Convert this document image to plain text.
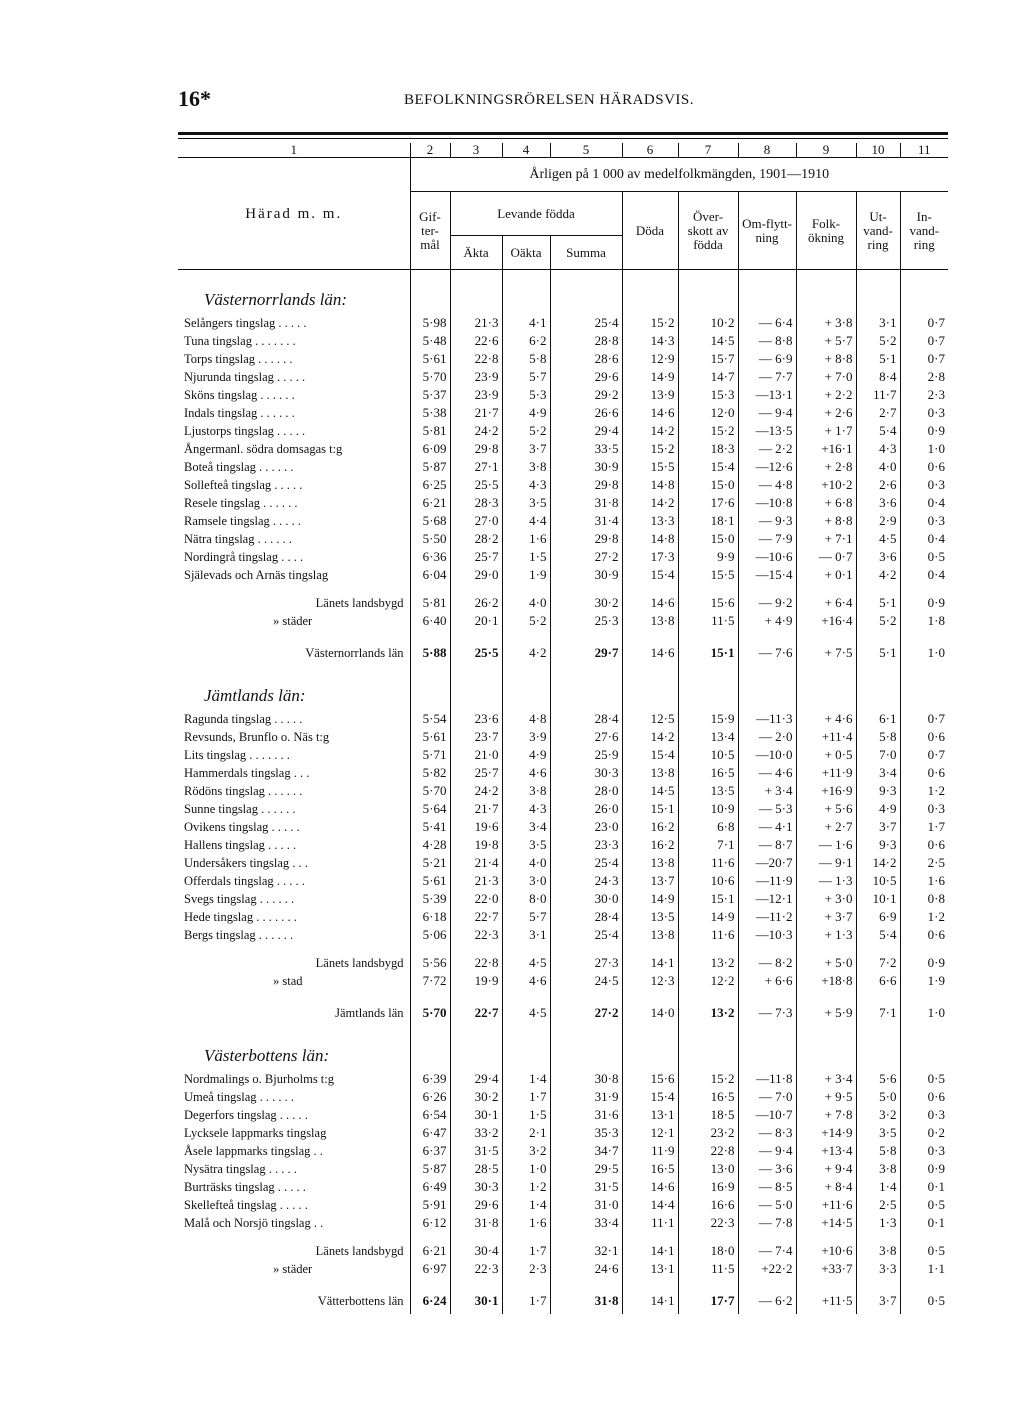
16*	BEFOLKNINGSRÖRELSEN HÄRADSVIS.
1	2	3	4	5	6	7	8	9	10	11
Härad m. m.	Årligen på 1 000 av medelfolkmängden, 1901—1910									
	Gif-ter-mål	Levande födda			Döda	Över-skott av födda	Om-flytt-ning	Folk-ökning	Ut-vand-ring	In-vand-ring
		Äkta	Oäkta	Summa						
Västernorrlands län:										
Selångers tingslag . . . . .	5·98	21·3	4·1	25·4	15·2	10·2	— 6·4	+ 3·8	3·1	0·7
Tuna tingslag . . . . . . .	5·48	22·6	6·2	28·8	14·3	14·5	— 8·8	+ 5·7	5·2	0·7
Torps tingslag . . . . . .	5·61	22·8	5·8	28·6	12·9	15·7	— 6·9	+ 8·8	5·1	0·7
Njurunda tingslag . . . . .	5·70	23·9	5·7	29·6	14·9	14·7	— 7·7	+ 7·0	8·4	2·8
Sköns tingslag . . . . . .	5·37	23·9	5·3	29·2	13·9	15·3	—13·1	+ 2·2	11·7	2·3
Indals tingslag . . . . . .	5·38	21·7	4·9	26·6	14·6	12·0	— 9·4	+ 2·6	2·7	0·3
Ljustorps tingslag . . . . .	5·81	24·2	5·2	29·4	14·2	15·2	—13·5	+ 1·7	5·4	0·9
Ångermanl. södra domsagas t:g	6·09	29·8	3·7	33·5	15·2	18·3	— 2·2	+16·1	4·3	1·0
Boteå tingslag . . . . . .	5·87	27·1	3·8	30·9	15·5	15·4	—12·6	+ 2·8	4·0	0·6
Sollefteå tingslag . . . . .	6·25	25·5	4·3	29·8	14·8	15·0	— 4·8	+10·2	2·6	0·3
Resele tingslag . . . . . .	6·21	28·3	3·5	31·8	14·2	17·6	—10·8	+ 6·8	3·6	0·4
Ramsele tingslag . . . . .	5·68	27·0	4·4	31·4	13·3	18·1	— 9·3	+ 8·8	2·9	0·3
Nätra tingslag . . . . . .	5·50	28·2	1·6	29·8	14·8	15·0	— 7·9	+ 7·1	4·5	0·4
Nordingrå tingslag . . . .	6·36	25·7	1·5	27·2	17·3	9·9	—10·6	— 0·7	3·6	0·5
Själevads och Arnäs tingslag	6·04	29·0	1·9	30·9	15·4	15·5	—15·4	+ 0·1	4·2	0·4

Länets landsbygd	5·81	26·2	4·0	30·2	14·6	15·6	— 9·2	+ 6·4	5·1	0·9
» städer	6·40	20·1	5·2	25·3	13·8	11·5	+ 4·9	+16·4	5·2	1·8

Västernorrlands län	5·88	25·5	4·2	29·7	14·6	15·1	— 7·6	+ 7·5	5·1	1·0
Jämtlands län:										
Ragunda tingslag . . . . .	5·54	23·6	4·8	28·4	12·5	15·9	—11·3	+ 4·6	6·1	0·7
Revsunds, Brunflo o. Näs t:g	5·61	23·7	3·9	27·6	14·2	13·4	— 2·0	+11·4	5·8	0·6
Lits tingslag . . . . . . .	5·71	21·0	4·9	25·9	15·4	10·5	—10·0	+ 0·5	7·0	0·7
Hammerdals tingslag . . .	5·82	25·7	4·6	30·3	13·8	16·5	— 4·6	+11·9	3·4	0·6
Rödöns tingslag . . . . . .	5·70	24·2	3·8	28·0	14·5	13·5	+ 3·4	+16·9	9·3	1·2
Sunne tingslag . . . . . .	5·64	21·7	4·3	26·0	15·1	10·9	— 5·3	+ 5·6	4·9	0·3
Ovikens tingslag . . . . .	5·41	19·6	3·4	23·0	16·2	6·8	— 4·1	+ 2·7	3·7	1·7
Hallens tingslag . . . . .	4·28	19·8	3·5	23·3	16·2	7·1	— 8·7	— 1·6	9·3	0·6
Undersåkers tingslag . . .	5·21	21·4	4·0	25·4	13·8	11·6	—20·7	— 9·1	14·2	2·5
Offerdals tingslag . . . . .	5·61	21·3	3·0	24·3	13·7	10·6	—11·9	— 1·3	10·5	1·6
Svegs tingslag . . . . . .	5·39	22·0	8·0	30·0	14·9	15·1	—12·1	+ 3·0	10·1	0·8
Hede tingslag . . . . . . .	6·18	22·7	5·7	28·4	13·5	14·9	—11·2	+ 3·7	6·9	1·2
Bergs tingslag . . . . . .	5·06	22·3	3·1	25·4	13·8	11·6	—10·3	+ 1·3	5·4	0·6

Länets landsbygd	5·56	22·8	4·5	27·3	14·1	13·2	— 8·2	+ 5·0	7·2	0·9
» stad	7·72	19·9	4·6	24·5	12·3	12·2	+ 6·6	+18·8	6·6	1·9

Jämtlands län	5·70	22·7	4·5	27·2	14·0	13·2	— 7·3	+ 5·9	7·1	1·0
Västerbottens län:										
Nordmalings o. Bjurholms t:g	6·39	29·4	1·4	30·8	15·6	15·2	—11·8	+ 3·4	5·6	0·5
Umeå tingslag . . . . . .	6·26	30·2	1·7	31·9	15·4	16·5	— 7·0	+ 9·5	5·0	0·6
Degerfors tingslag . . . . .	6·54	30·1	1·5	31·6	13·1	18·5	—10·7	+ 7·8	3·2	0·3
Lycksele lappmarks tingslag	6·47	33·2	2·1	35·3	12·1	23·2	— 8·3	+14·9	3·5	0·2
Åsele lappmarks tingslag . .	6·37	31·5	3·2	34·7	11·9	22·8	— 9·4	+13·4	5·8	0·3
Nysätra tingslag . . . . .	5·87	28·5	1·0	29·5	16·5	13·0	— 3·6	+ 9·4	3·8	0·9
Burträsks tingslag . . . . .	6·49	30·3	1·2	31·5	14·6	16·9	— 8·5	+ 8·4	1·4	0·1
Skellefteå tingslag . . . . .	5·91	29·6	1·4	31·0	14·4	16·6	— 5·0	+11·6	2·5	0·5
Malå och Norsjö tingslag . .	6·12	31·8	1·6	33·4	11·1	22·3	— 7·8	+14·5	1·3	0·1

Länets landsbygd	6·21	30·4	1·7	32·1	14·1	18·0	— 7·4	+10·6	3·8	0·5
» städer	6·97	22·3	2·3	24·6	13·1	11·5	+22·2	+33·7	3·3	1·1

Vätterbottens län	6·24	30·1	1·7	31·8	14·1	17·7	— 6·2	+11·5	3·7	0·5
